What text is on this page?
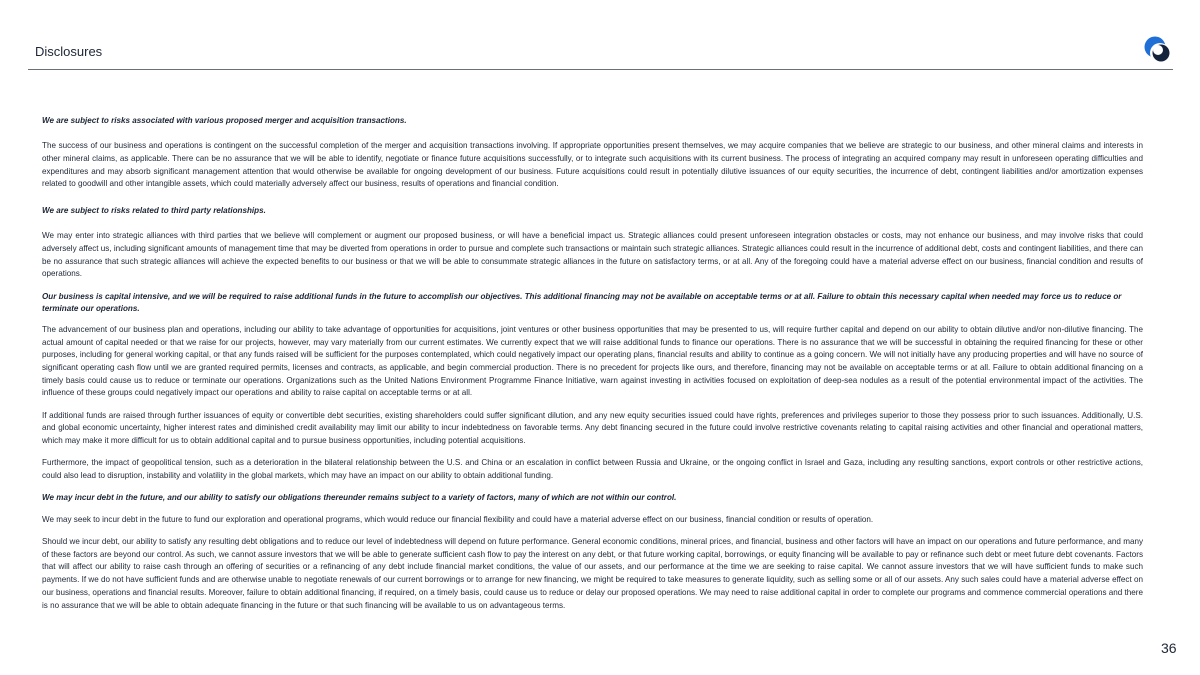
Disclosures
We are subject to risks associated with various proposed merger and acquisition transactions.

The success of our business and operations is contingent on the successful completion of the merger and acquisition transactions involving. If appropriate opportunities present themselves, we may acquire companies that we believe are strategic to our business, and other mineral claims and interests in other mineral claims, as applicable. There can be no assurance that we will be able to identify, negotiate or finance future acquisitions successfully, or to integrate such acquisitions with its current business. The process of integrating an acquired company may result in unforeseen operating difficulties and expenditures and may absorb significant management attention that would otherwise be available for ongoing development of our business. Future acquisitions could result in potentially dilutive issuances of our equity securities, the incurrence of debt, contingent liabilities and/or amortization expenses related to goodwill and other intangible assets, which could materially adversely affect our business, results of operations and financial condition.

We are subject to risks related to third party relationships.

We may enter into strategic alliances with third parties that we believe will complement or augment our proposed business, or will have a beneficial impact us. Strategic alliances could present unforeseen integration obstacles or costs, may not enhance our business, and may involve risks that could adversely affect us, including significant amounts of management time that may be diverted from operations in order to pursue and complete such transactions or maintain such strategic alliances. Strategic alliances could result in the incurrence of additional debt, costs and contingent liabilities, and there can be no assurance that such strategic alliances will achieve the expected benefits to our business or that we will be able to consummate strategic alliances in the future on satisfactory terms, or at all. Any of the foregoing could have a material adverse effect on our business, financial condition and results of operations.

Our business is capital intensive, and we will be required to raise additional funds in the future to accomplish our objectives. This additional financing may not be available on acceptable terms or at all. Failure to obtain this necessary capital when needed may force us to reduce or terminate our operations.

The advancement of our business plan and operations, including our ability to take advantage of opportunities for acquisitions, joint ventures or other business opportunities that may be presented to us, will require further capital and depend on our ability to obtain dilutive and/or non-dilutive financing. The actual amount of capital needed or that we raise for our projects, however, may vary materially from our current estimates. We currently expect that we will raise additional funds to finance our operations. There is no assurance that we will be successful in obtaining the required financing for these or other purposes, including for general working capital, or that any funds raised will be sufficient for the purposes contemplated, which could negatively impact our operating plans, financial results and ability to continue as a going concern. We will not initially have any producing properties and will have no source of significant operating cash flow until we are granted required permits, licenses and contracts, as applicable, and begin commercial production. There is no precedent for projects like ours, and therefore, financing may not be available on acceptable terms or at all. Failure to obtain additional financing on a timely basis could cause us to reduce or terminate our operations. Organizations such as the United Nations Environment Programme Finance Initiative, warn against investing in activities focused on exploitation of deep-sea nodules as a result of the potential environmental impact of the activities. The influence of these groups could negatively impact our operations and ability to raise capital on acceptable terms or at all.

If additional funds are raised through further issuances of equity or convertible debt securities, existing shareholders could suffer significant dilution, and any new equity securities issued could have rights, preferences and privileges superior to those they possess prior to such issuances. Additionally, U.S. and global economic uncertainty, higher interest rates and diminished credit availability may limit our ability to incur indebtedness on favorable terms. Any debt financing secured in the future could involve restrictive covenants relating to capital raising activities and other financial and operational matters, which may make it more difficult for us to obtain additional capital and to pursue business opportunities, including potential acquisitions.

Furthermore, the impact of geopolitical tension, such as a deterioration in the bilateral relationship between the U.S. and China or an escalation in conflict between Russia and Ukraine, or the ongoing conflict in Israel and Gaza, including any resulting sanctions, export controls or other restrictive actions, could also lead to disruption, instability and volatility in the global markets, which may have an impact on our ability to obtain additional funding.

We may incur debt in the future, and our ability to satisfy our obligations thereunder remains subject to a variety of factors, many of which are not within our control.

We may seek to incur debt in the future to fund our exploration and operational programs, which would reduce our financial flexibility and could have a material adverse effect on our business, financial condition or results of operation.

Should we incur debt, our ability to satisfy any resulting debt obligations and to reduce our level of indebtedness will depend on future performance. General economic conditions, mineral prices, and financial, business and other factors will have an impact on our operations and future performance, and many of these factors are beyond our control. As such, we cannot assure investors that we will be able to generate sufficient cash flow to pay the interest on any debt, or that future working capital, borrowings, or equity financing will be available to pay or refinance such debt or meet future debt covenants. Factors that will affect our ability to raise cash through an offering of securities or a refinancing of any debt include financial market conditions, the value of our assets, and our performance at the time we are seeking to raise capital. We cannot assure investors that we will have sufficient funds to make such payments. If we do not have sufficient funds and are otherwise unable to negotiate renewals of our current borrowings or to arrange for new financing, we might be required to take measures to generate liquidity, such as selling some or all of our assets. Any such sales could have a material adverse effect on our business, operations and financial results. Moreover, failure to obtain additional financing, if required, on a timely basis, could cause us to reduce or delay our proposed operations. We may need to raise additional capital in order to complete our programs and commence commercial operations and there is no assurance that we will be able to obtain adequate financing in the future or that such financing will be available to us on advantageous terms.

36
